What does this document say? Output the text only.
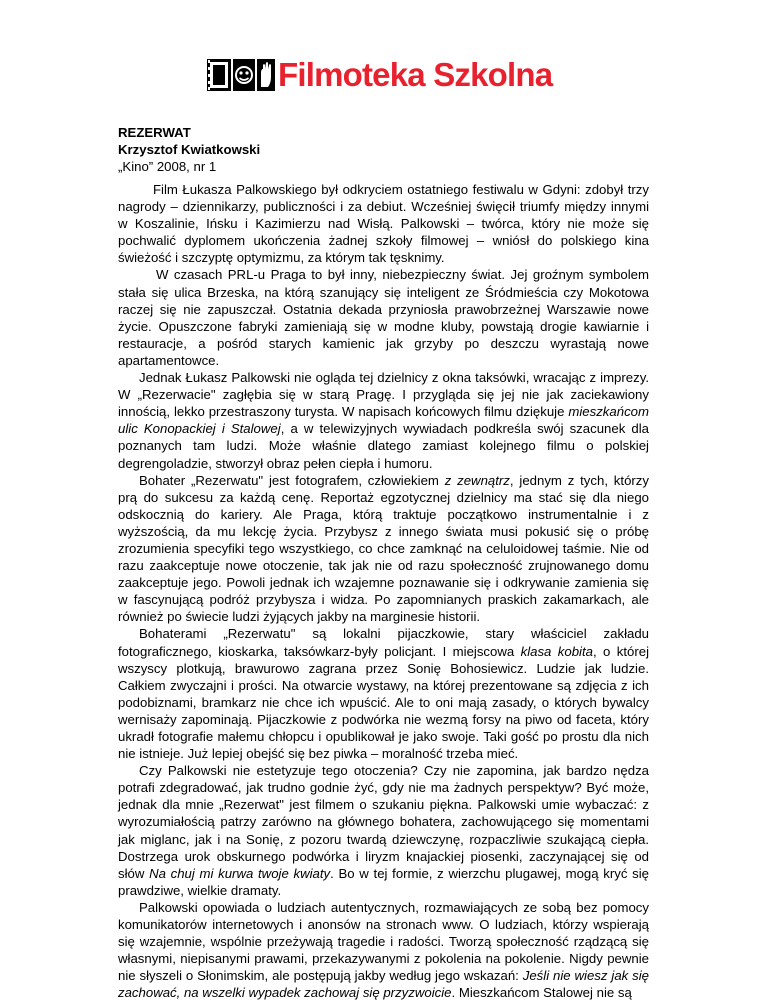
Filmoteka Szkolna
REZERWAT
Krzysztof Kwiatkowski
„Kino” 2008, nr 1

Film Łukasza Palkowskiego był odkryciem ostatniego festiwalu w Gdyni: zdobył trzy nagrody – dziennikarzy, publiczności i za debiut. Wcześniej święcił triumfy między innymi w Koszalinie, Ińsku i Kazimierzu nad Wisłą. Palkowski – twórca, który nie może się pochwalić dyplomem ukończenia żadnej szkoły filmowej – wniósł do polskiego kina świeżość i szczyptę optymizmu, za którym tak tęsknimy.

W czasach PRL-u Praga to był inny, niebezpieczny świat. Jej groźnym symbolem stała się ulica Brzeska, na którą szanujący się inteligent ze Śródmieścia czy Mokotowa raczej się nie zapuszczał. Ostatnia dekada przyniosła prawobrzeżnej Warszawie nowe życie. Opuszczone fabryki zamieniają się w modne kluby, powstają drogie kawiarnie i restauracje, a pośród starych kamienic jak grzyby po deszczu wyrastają nowe apartamentowce.

Jednak Łukasz Palkowski nie ogląda tej dzielnicy z okna taksówki, wracając z imprezy. W „Rezerwacie" zagłębia się w starą Pragę. I przygląda się jej nie jak zaciekawiony innością, lekko przestraszony turysta. W napisach końcowych filmu dziękuje mieszkańcom ulic Konopackiej i Stalowej, a w telewizyjnych wywiadach podkreśla swój szacunek dla poznanych tam ludzi. Może właśnie dlatego zamiast kolejnego filmu o polskiej degrengoladzie, stworzył obraz pełen ciepła i humoru.

Bohater „Rezerwatu" jest fotografem, człowiekiem z zewnątrz, jednym z tych, którzy prą do sukcesu za każdą cenę. Reportaż egzotycznej dzielnicy ma stać się dla niego odskocznią do kariery. Ale Praga, którą traktuje początkowo instrumentalnie i z wyższością, da mu lekcję życia. Przybysz z innego świata musi pokusić się o próbę zrozumienia specyfiki tego wszystkiego, co chce zamknąć na celuloidowej taśmie. Nie od razu zaakceptuje nowe otoczenie, tak jak nie od razu społeczność zrujnowanego domu zaakceptuje jego. Powoli jednak ich wzajemne poznawanie się i odkrywanie zamienia się w fascynującą podróż przybysza i widza. Po zapomnianych praskich zakamarkach, ale również po świecie ludzi żyjących jakby na marginesie historii.

Bohaterami „Rezerwatu" są lokalni pijaczkowie, stary właściciel zakładu fotograficznego, kioskarka, taksówkarz-były policjant. I miejscowa klasa kobita, o której wszyscy plotkują, brawurowo zagrana przez Sonię Bohosiewicz. Ludzie jak ludzie. Całkiem zwyczajni i prości. Na otwarcie wystawy, na której prezentowane są zdjęcia z ich podobiznami, bramkarz nie chce ich wpuścić. Ale to oni mają zasady, o których bywalcy wernisaży zapominają. Pijaczkowie z podwórka nie wezmą forsy na piwo od faceta, który ukradł fotografie małemu chłopcu i opublikował je jako swoje. Taki gość po prostu dla nich nie istnieje. Już lepiej obejść się bez piwka – moralność trzeba mieć.

Czy Palkowski nie estetyzuje tego otoczenia? Czy nie zapomina, jak bardzo nędza potrafi zdegradować, jak trudno godnie żyć, gdy nie ma żadnych perspektyw? Być może, jednak dla mnie „Rezerwat" jest filmem o szukaniu piękna. Palkowski umie wybaczać: z wyrozumiałością patrzy zarówno na głównego bohatera, zachowującego się momentami jak miglanc, jak i na Sonię, z pozoru twardą dziewczynę, rozpaczliwie szukającą ciepła. Dostrzega urok obskurnego podwórka i liryzm knajackiej piosenki, zaczynającej się od słów Na chuj mi kurwa twoje kwiaty. Bo w tej formie, z wierzchu plugawej, mogą kryć się prawdziwe, wielkie dramaty.

Palkowski opowiada o ludziach autentycznych, rozmawiających ze sobą bez pomocy komunikatorów internetowych i anonsów na stronach www. O ludziach, którzy wspierają się wzajemnie, wspólnie przeżywają tragedie i radości. Tworzą społeczność rządzącą się własnymi, niepisanymi prawami, przekazywanymi z pokolenia na pokolenie. Nigdy pewnie nie słyszeli o Słonimskim, ale postępują jakby według jego wskazań: Jeśli nie wiesz jak się zachować, na wszelki wypadek zachowaj się przyzwoicie. Mieszkańcom Stalowej nie są
